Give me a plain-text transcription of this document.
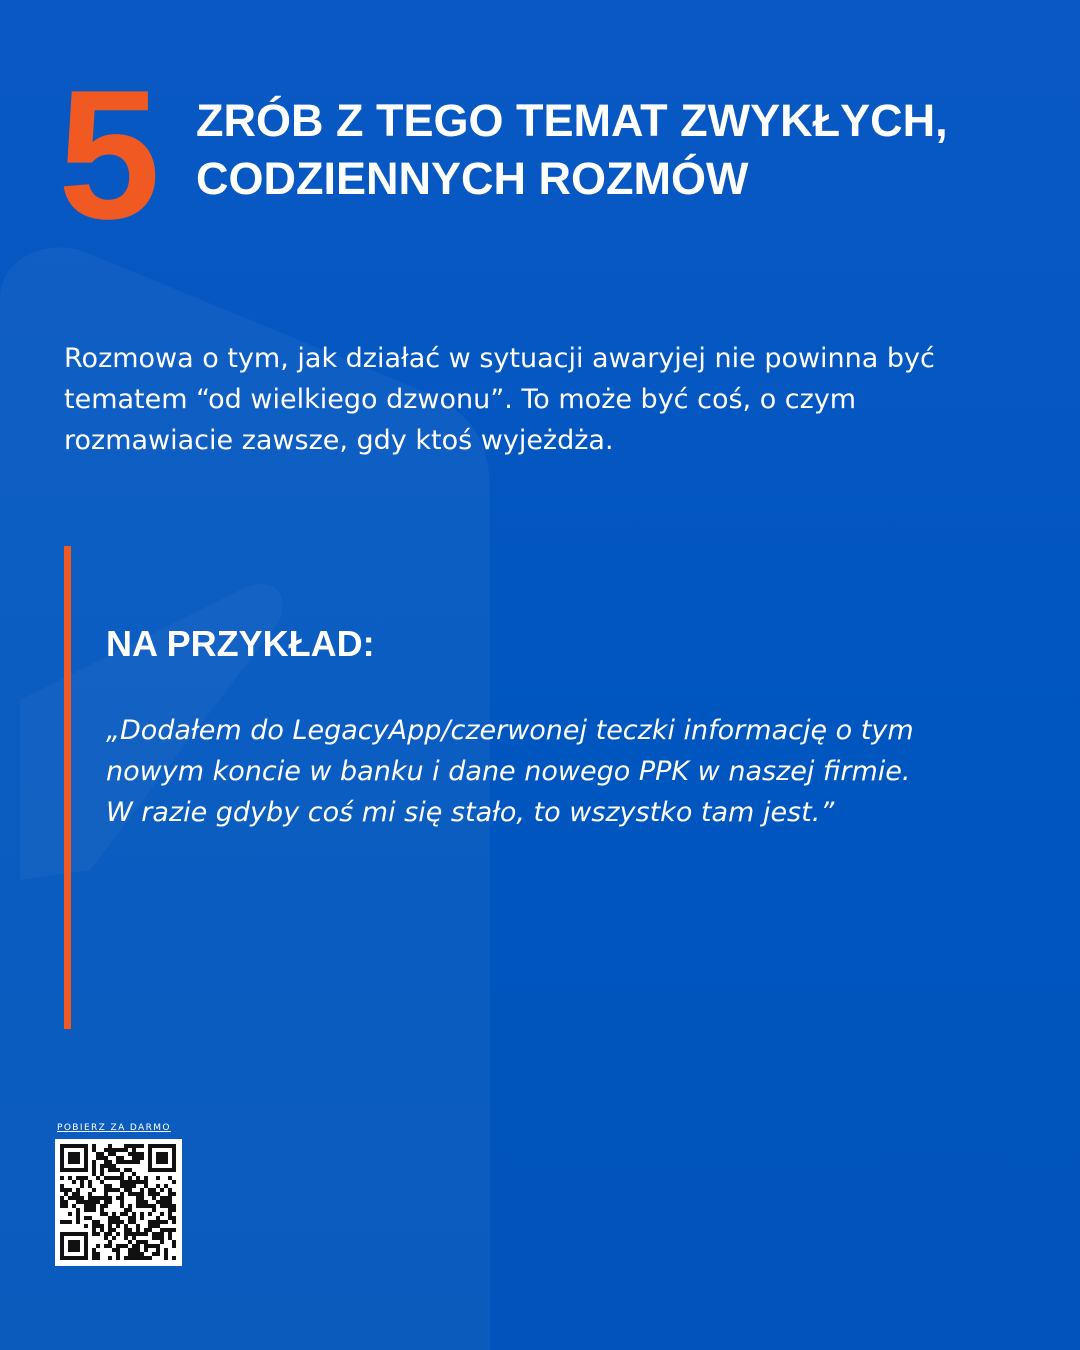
5 ZRÓB Z TEGO TEMAT ZWYKŁYCH,
CODZIENNYCH ROZMÓW

Rozmowa o tym, jak działać w sytuacji awaryjej nie powinna być
tematem “od wielkiego dzwonu”. To może być coś, o czym
rozmawiacie zawsze, gdy ktoś wyjeżdża.

NA PRZYKŁAD:

„Dodałem do LegacyApp/czerwonej teczki informację o tym
nowym koncie w banku i dane nowego PPK w naszej firmie.
W razie gdyby coś mi się stało, to wszystko tam jest.”

POBIERZ ZA DARMO
